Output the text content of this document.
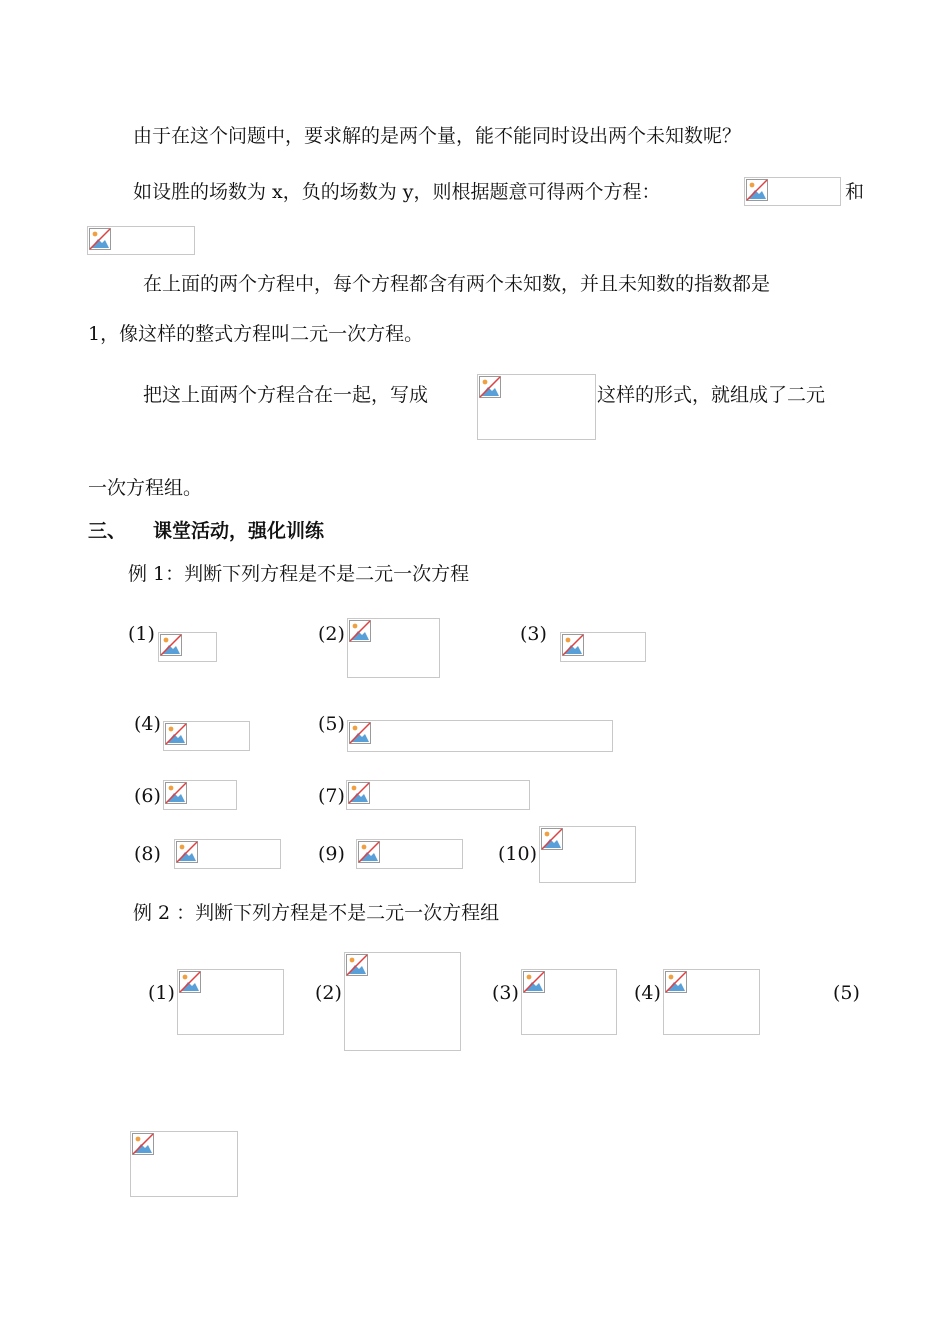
由于在这个问题中，要求解的是两个量，能不能同时设出两个未知数呢？
如设胜的场数为 x，负的场数为 y，则根据题意可得两个方程：	和
在上面的两个方程中，每个方程都含有两个未知数，并且未知数的指数都是
1，像这样的整式方程叫二元一次方程。
把这上面两个方程合在一起，写成	这样的形式，就组成了二元
一次方程组。
三、 课堂活动，强化训练
例 1：判断下列方程是不是二元一次方程
(1)	(2)	(3)
(4)	(5)
(6)	(7)
(8)	(9)	(10)
例 2 ：判断下列方程是不是二元一次方程组
(1)	(2)	(3)	(4)	(5)
